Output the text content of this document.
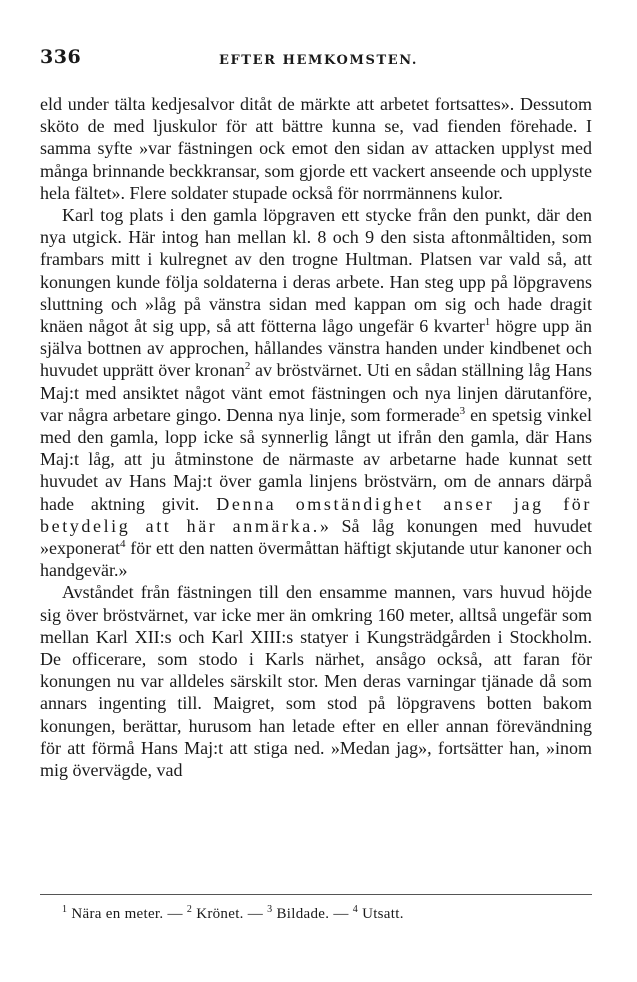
336	EFTER HEMKOMSTEN.

eld under tälta kedjesalvor ditåt de märkte att arbetet fortsattes». Dessutom sköto de med ljuskulor för att bättre kunna se, vad fienden förehade. I samma syfte »var fästningen ock emot den sidan av attacken upplyst med många brinnande beckkransar, som gjorde ett vackert anseende och upplyste hela fältet». Flere soldater stupade också för norrmännens kulor.

Karl tog plats i den gamla löpgraven ett stycke från den punkt, där den nya utgick. Här intog han mellan kl. 8 och 9 den sista aftonmåltiden, som frambars mitt i kulregnet av den trogne Hultman. Platsen var vald så, att konungen kunde följa soldaterna i deras arbete. Han steg upp på löpgravens sluttning och »låg på vänstra sidan med kappan om sig och hade dragit knäen något åt sig upp, så att fötterna lågo ungefär 6 kvarter$^1$ högre upp än själva bottnen av approchen, hållandes vänstra handen under kindbenet och huvudet upprätt över kronan$^2$ av bröstvärnet. Uti en sådan ställning låg Hans Maj:t med ansiktet något vänt emot fästningen och nya linjen därutanföre, var några arbetare gingo. Denna nya linje, som formerade$^3$ en spetsig vinkel med den gamla, lopp icke så synnerlig långt ut ifrån den gamla, där Hans Maj:t låg, att ju åtminstone de närmaste av arbetarne hade kunnat sett huvudet av Hans Maj:t över gamla linjens bröstvärn, om de annars därpå hade aktning givit. Denna omständighet anser jag för betydelig att här anmärka.» Så låg konungen med huvudet »exponerat$^4$ för ett den natten övermåttan häftigt skjutande utur kanoner och handgevär.»

Avståndet från fästningen till den ensamme mannen, vars huvud höjde sig över bröstvärnet, var icke mer än omkring 160 meter, alltså ungefär som mellan Karl XII:s och Karl XIII:s statyer i Kungsträdgården i Stockholm. De officerare, som stodo i Karls närhet, ansågo också, att faran för konungen nu var alldeles särskilt stor. Men deras varningar tjänade då som annars ingenting till. Maigret, som stod på löpgravens botten bakom konungen, berättar, hurusom han letade efter en eller annan förevändning för att förmå Hans Maj:t att stiga ned. »Medan jag», fortsätter han, »inom mig övervägde, vad

$^1$ Nära en meter. — $^2$ Krönet. — $^3$ Bildade. — $^4$ Utsatt.
